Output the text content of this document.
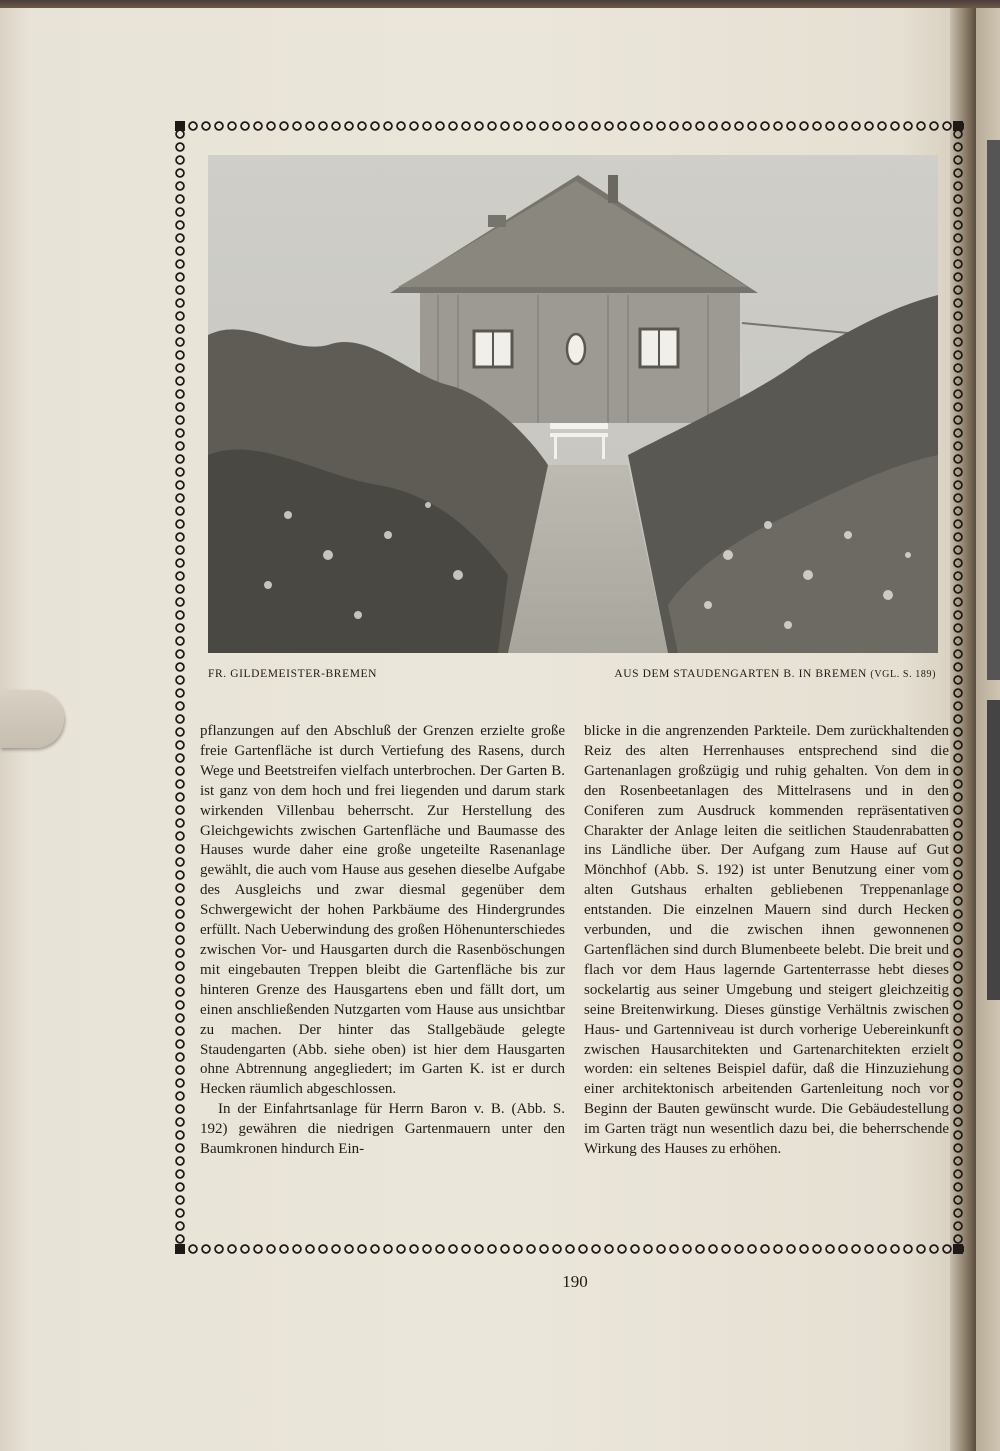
FR. GILDEMEISTER-BREMEN	AUS DEM STAUDENGARTEN B. IN BREMEN (VGL. S. 189)

pflanzungen auf den Abschluß der Grenzen erzielte große freie Gartenfläche ist durch Vertiefung des Rasens, durch Wege und Beetstreifen vielfach unterbrochen. Der Garten B. ist ganz von dem hoch und frei liegenden und darum stark wirkenden Villenbau beherrscht. Zur Herstellung des Gleichgewichts zwischen Gartenfläche und Baumasse des Hauses wurde daher eine große ungeteilte Rasenanlage gewählt, die auch vom Hause aus gesehen dieselbe Aufgabe des Ausgleichs und zwar diesmal gegenüber dem Schwergewicht der hohen Parkbäume des Hindergrundes erfüllt. Nach Ueberwindung des großen Höhenunterschiedes zwischen Vor- und Hausgarten durch die Rasenböschungen mit eingebauten Treppen bleibt die Gartenfläche bis zur hinteren Grenze des Hausgartens eben und fällt dort, um einen anschließenden Nutzgarten vom Hause aus unsichtbar zu machen. Der hinter das Stallgebäude gelegte Staudengarten (Abb. siehe oben) ist hier dem Hausgarten ohne Abtrennung angegliedert; im Garten K. ist er durch Hecken räumlich abgeschlossen.

In der Einfahrtsanlage für Herrn Baron v. B. (Abb. S. 192) gewähren die niedrigen Gartenmauern unter den Baumkronen hindurch Ein-

blicke in die angrenzenden Parkteile. Dem zurückhaltenden Reiz des alten Herrenhauses entsprechend sind die Gartenanlagen großzügig und ruhig gehalten. Von dem in den Rosenbeetanlagen des Mittelrasens und in den Coniferen zum Ausdruck kommenden repräsentativen Charakter der Anlage leiten die seitlichen Staudenrabatten ins Ländliche über. Der Aufgang zum Hause auf Gut Mönchhof (Abb. S. 192) ist unter Benutzung einer vom alten Gutshaus erhalten gebliebenen Treppenanlage entstanden. Die einzelnen Mauern sind durch Hecken verbunden, und die zwischen ihnen gewonnenen Gartenflächen sind durch Blumenbeete belebt. Die breit und flach vor dem Haus lagernde Gartenterrasse hebt dieses sockelartig aus seiner Umgebung und steigert gleichzeitig seine Breitenwirkung. Dieses günstige Verhältnis zwischen Haus- und Gartenniveau ist durch vorherige Uebereinkunft zwischen Hausarchitekten und Gartenarchitekten erzielt worden: ein seltenes Beispiel dafür, daß die Hinzuziehung einer architektonisch arbeitenden Gartenleitung noch vor Beginn der Bauten gewünscht wurde. Die Gebäudestellung im Garten trägt nun wesentlich dazu bei, die beherrschende Wirkung des Hauses zu erhöhen.

190
